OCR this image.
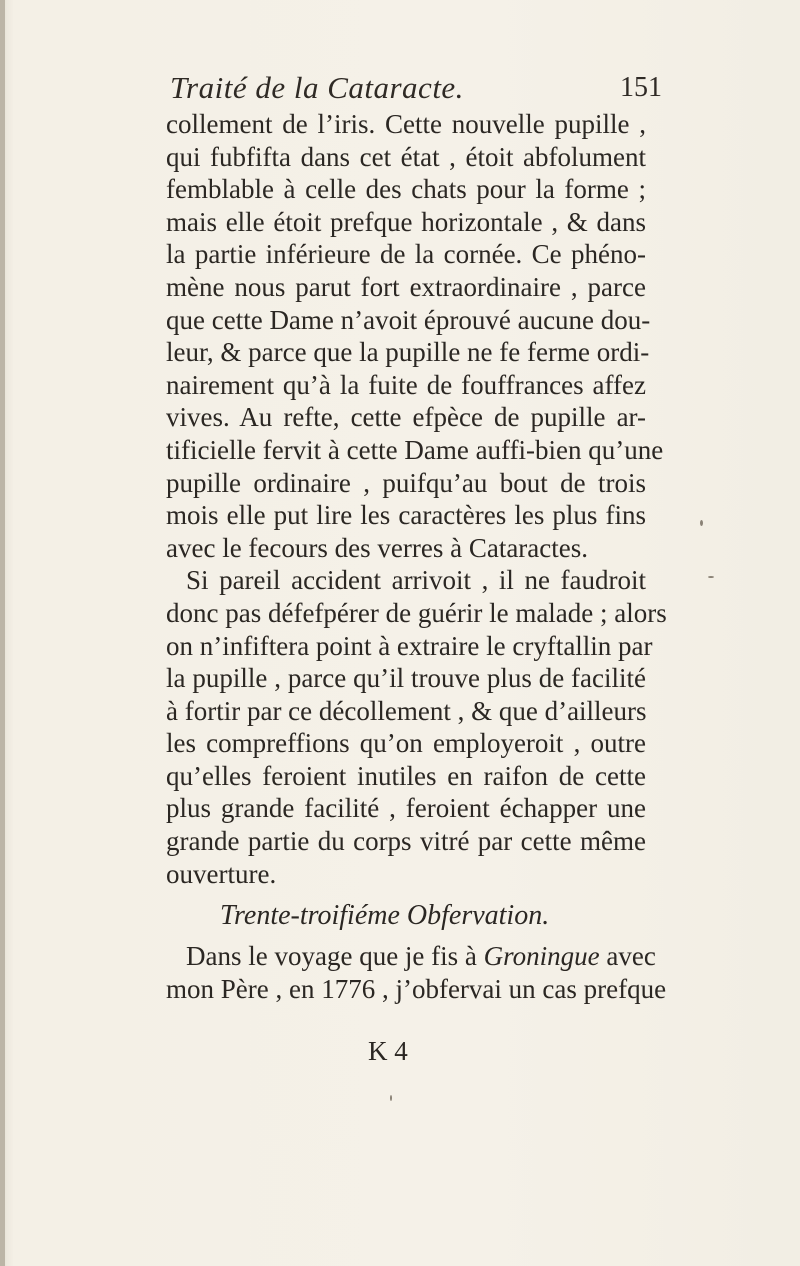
Traité de la Cataracte.	151
collement de l’iris. Cette nouvelle pupille ,
qui fubfifta dans cet état , étoit abfolument
femblable à celle des chats pour la forme ;
mais elle étoit prefque horizontale , & dans
la partie inférieure de la cornée. Ce phéno-
mène nous parut fort extraordinaire , parce
que cette Dame n’avoit éprouvé aucune dou-
leur, & parce que la pupille ne fe ferme ordi-
nairement qu’à la fuite de fouffrances affez
vives. Au refte, cette efpèce de pupille ar-
tificielle fervit à cette Dame auffi-bien qu’une
pupille ordinaire , puifqu’au bout de trois
mois elle put lire les caractères les plus fins
avec le fecours des verres à Cataractes.
Si pareil accident arrivoit , il ne faudroit
donc pas défefpérer de guérir le malade ; alors
on n’infiftera point à extraire le cryftallin par
la pupille , parce qu’il trouve plus de facilité
à fortir par ce décollement , & que d’ailleurs
les compreffions qu’on employeroit , outre
qu’elles feroient inutiles en raifon de cette
plus grande facilité , feroient échapper une
grande partie du corps vitré par cette même
ouverture.
Trente-troifiéme Obfervation.
Dans le voyage que je fis à Groningue avec
mon Père , en 1776 , j’obfervai un cas prefque
K 4
